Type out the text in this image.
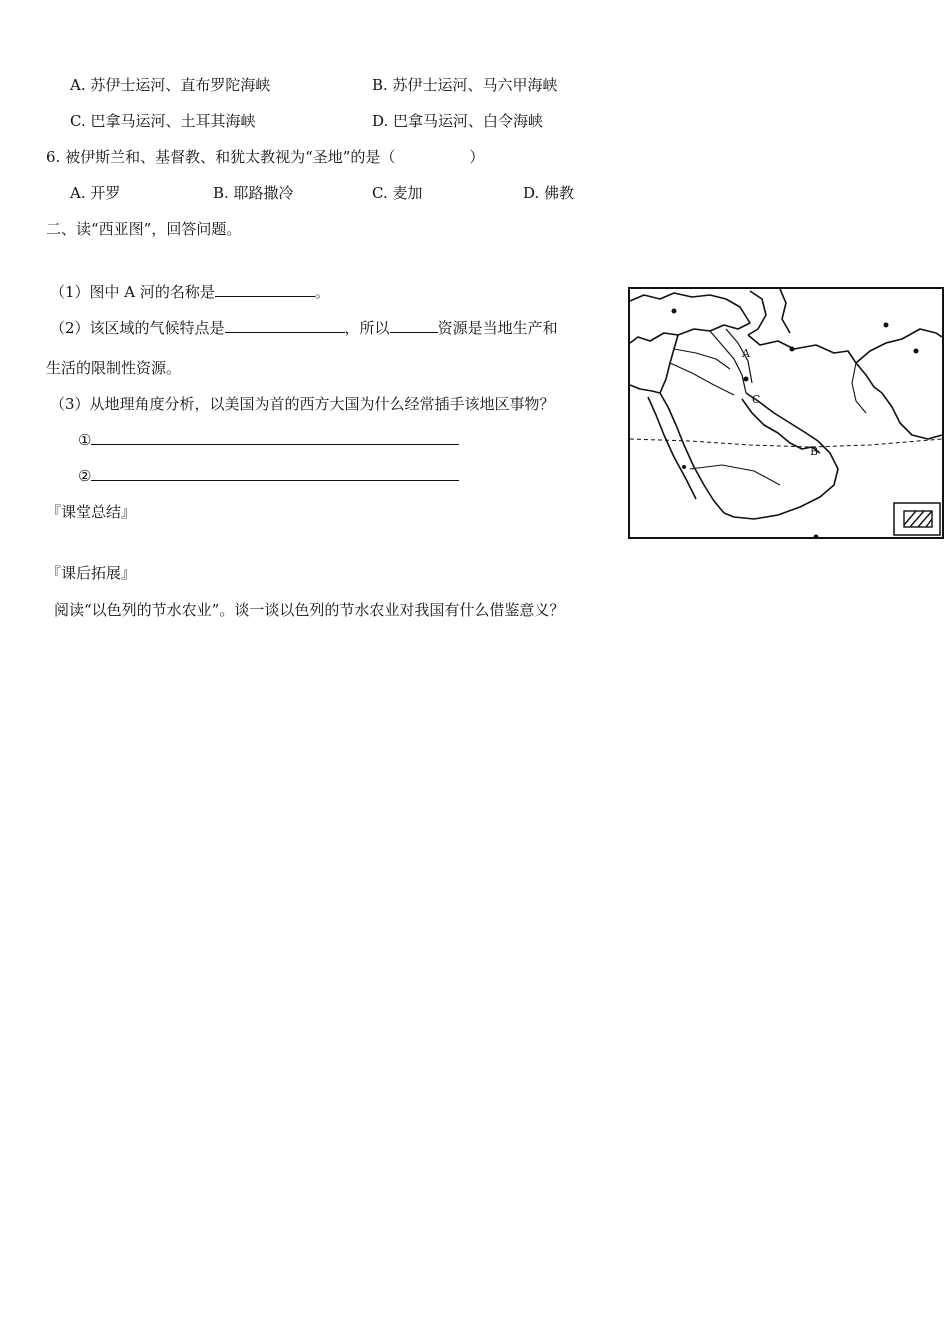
A. 苏伊士运河、直布罗陀海峡	B. 苏伊士运河、马六甲海峡
C. 巴拿马运河、土耳其海峡	D. 巴拿马运河、白令海峡
6. 被伊斯兰和、基督教、和犹太教视为“圣地”的是（	）
A. 开罗	B. 耶路撒冷	C. 麦加	D. 佛教
二、读“西亚图”，回答问题。
（1）图中 A 河的名称是	。
（2）该区域的气候特点是	，所以	资源是当地生产和
生活的限制性资源。
（3）从地理角度分析，以美国为首的西方大国为什么经常插手该地区事物？
①
②
『课堂总结』
『课后拓展』
阅读“以色列的节水农业”。谈一谈以色列的节水农业对我国有什么借鉴意义？
A
C
B
